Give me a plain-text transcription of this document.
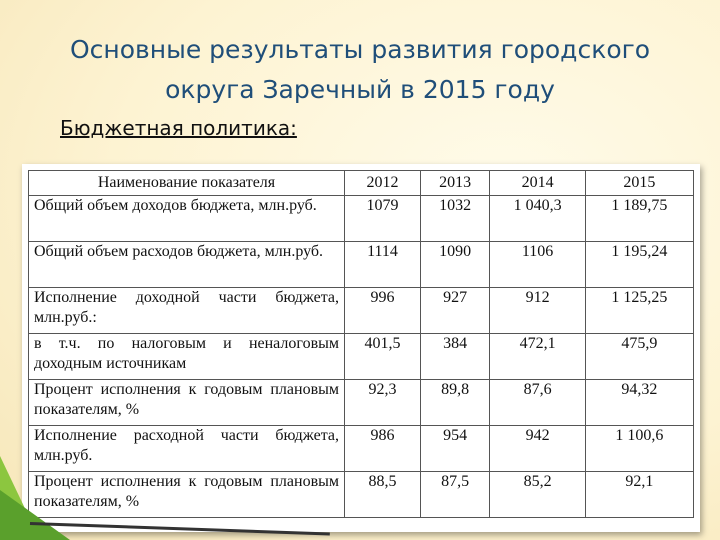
Основные результаты развития городского
округа Заречный в 2015 году
Бюджетная политика:
Наименование показателя	2012	2013	2014	2015
Общий объем доходов бюджета, млн.руб.	1079	1032	1 040,3	1 189,75
Общий объем расходов бюджета, млн.руб.	1114	1090	1106	1 195,24
Исполнение доходной части бюджета, млн.руб.:	996	927	912	1 125,25
в т.ч. по налоговым и неналоговым доходным источникам	401,5	384	472,1	475,9
Процент исполнения к годовым плановым показателям, %	92,3	89,8	87,6	94,32
Исполнение расходной части бюджета, млн.руб.	986	954	942	1 100,6
Процент исполнения к годовым плановым показателям, %	88,5	87,5	85,2	92,1
